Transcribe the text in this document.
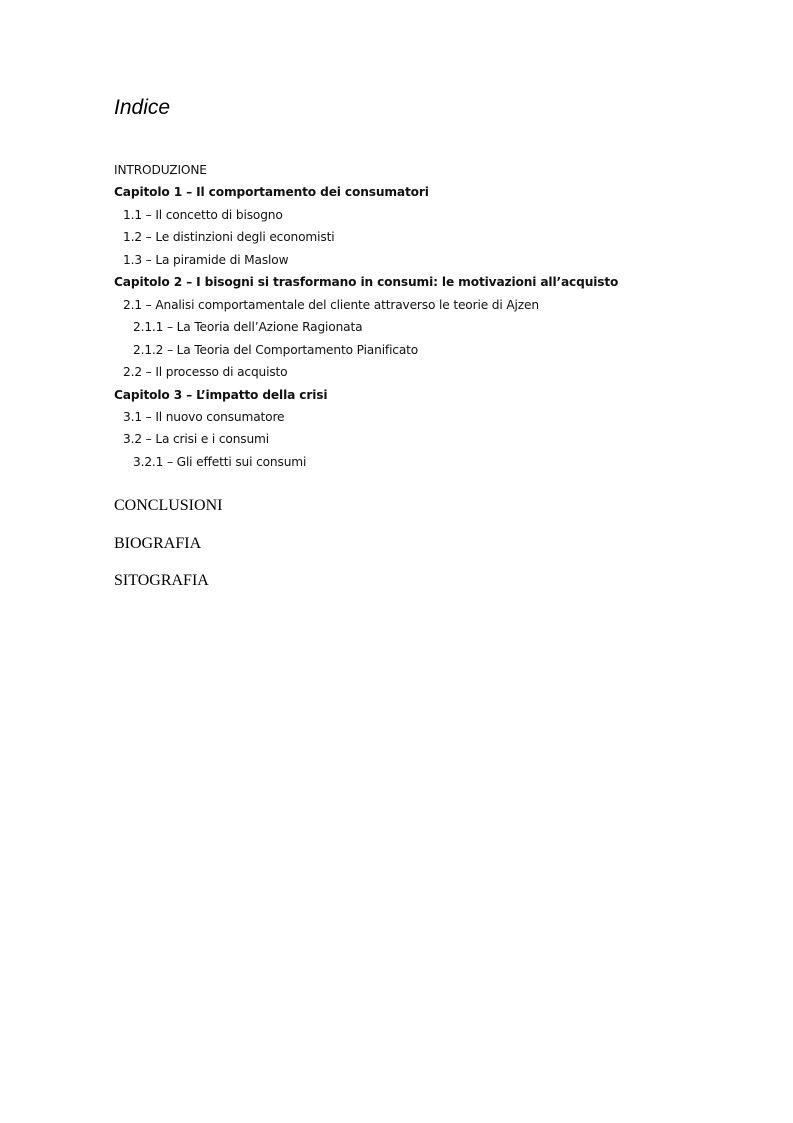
Indice
INTRODUZIONE
Capitolo 1 – Il comportamento dei consumatori
1.1 – Il concetto di bisogno
1.2 – Le distinzioni degli economisti
1.3 – La piramide di Maslow
Capitolo 2 – I bisogni si trasformano in consumi: le motivazioni all’acquisto
2.1 – Analisi comportamentale del cliente attraverso le teorie di Ajzen
2.1.1 – La Teoria dell’Azione Ragionata
2.1.2 – La Teoria del Comportamento Pianificato
2.2 – Il processo di acquisto
Capitolo 3 – L’impatto della crisi
3.1 – Il nuovo consumatore
3.2 – La crisi e i consumi
3.2.1 – Gli effetti sui consumi
CONCLUSIONI
BIOGRAFIA
SITOGRAFIA
